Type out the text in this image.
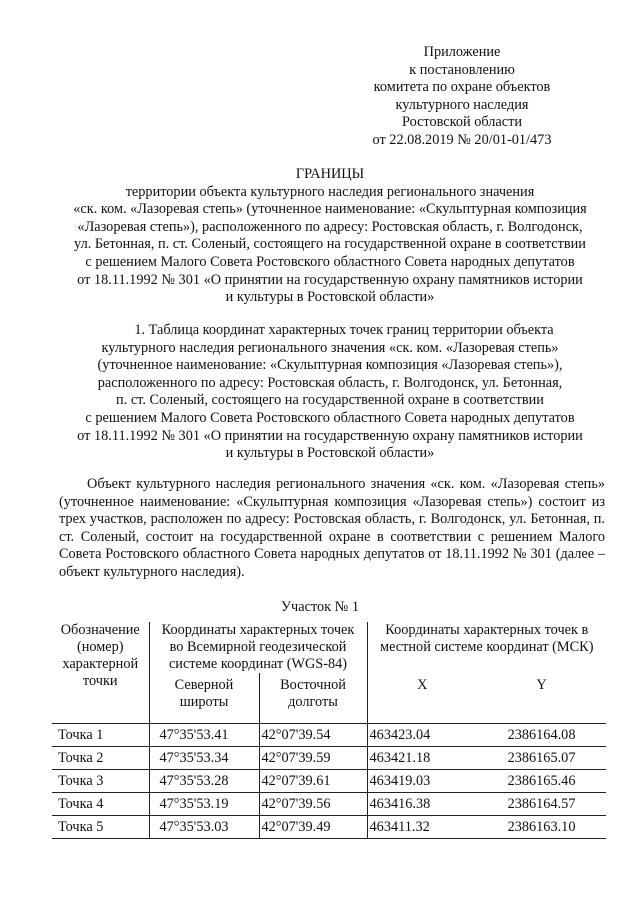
Приложение
к постановлению
комитета по охране объектов
культурного наследия
Ростовской области
от 22.08.2019 № 20/01-01/473
ГРАНИЦЫ
территории объекта культурного наследия регионального значения
«ск. ком. «Лазоревая степь» (уточненное наименование: «Скульптурная композиция
«Лазоревая степь»), расположенного по адресу: Ростовская область, г. Волгодонск,
ул. Бетонная, п. ст. Соленый, состоящего на государственной охране в соответствии
с решением Малого Совета Ростовского областного Совета народных депутатов
от 18.11.1992 № 301 «О принятии на государственную охрану памятников истории
и культуры в Ростовской области»
1. Таблица координат характерных точек границ территории объекта
культурного наследия регионального значения «ск. ком. «Лазоревая степь»
(уточненное наименование: «Скульптурная композиция «Лазоревая степь»),
расположенного по адресу: Ростовская область, г. Волгодонск, ул. Бетонная,
п. ст. Соленый, состоящего на государственной охране в соответствии
с решением Малого Совета Ростовского областного Совета народных депутатов
от 18.11.1992 № 301 «О принятии на государственную охрану памятников истории
и культуры в Ростовской области»
Объект культурного наследия регионального значения «ск. ком. «Лазоревая степь» (уточненное наименование: «Скульптурная композиция «Лазоревая степь») состоит из трех участков, расположен по адресу: Ростовская область, г. Волгодонск, ул. Бетонная, п. ст. Соленый, состоит на государственной охране в соответствии с решением Малого Совета Ростовского областного Совета народных депутатов от 18.11.1992 № 301 (далее – объект культурного наследия).
Участок № 1
Обозначение (номер) характерной точки	Координаты характерных точек во Всемирной геодезической системе координат (WGS-84)		Координаты характерных точек в местной системе координат (МСК)	
	Северной широты	Восточной долготы	X	Y
Точка 1	47°35'53.41	42°07'39.54	463423.04	2386164.08
Точка 2	47°35'53.34	42°07'39.59	463421.18	2386165.07
Точка 3	47°35'53.28	42°07'39.61	463419.03	2386165.46
Точка 4	47°35'53.19	42°07'39.56	463416.38	2386164.57
Точка 5	47°35'53.03	42°07'39.49	463411.32	2386163.10
